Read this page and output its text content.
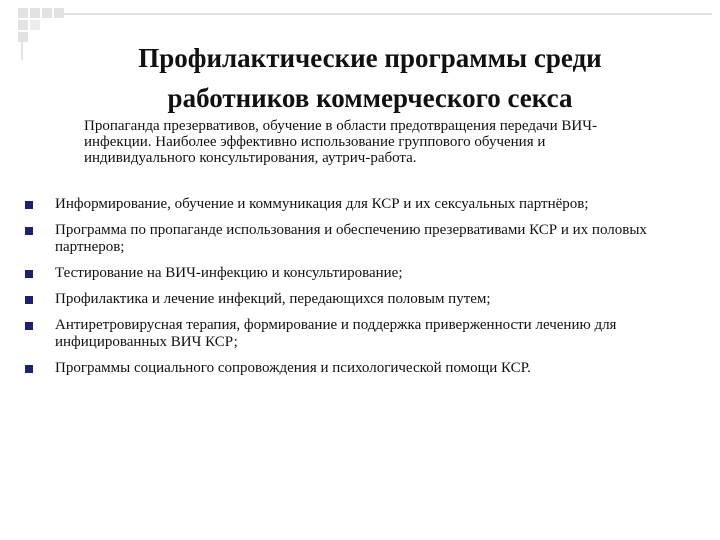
Профилактические программы среди
работников коммерческого секса
Пропаганда презервативов, обучение в области предотвращения передачи ВИЧ-инфекции. Наиболее эффективно использование группового обучения и индивидуального консультирования, аутрич-работа.
Информирование, обучение и коммуникация для КСР и их сексуальных партнёров;
Программа по пропаганде использования и обеспечению презервативами КСР и их половых партнеров;
Тестирование на ВИЧ-инфекцию и консультирование;
Профилактика и лечение инфекций, передающихся половым путем;
Антиретровирусная терапия, формирование и поддержка приверженности лечению для инфицированных ВИЧ КСР;
Программы социального сопровождения и психологической помощи КСР.
